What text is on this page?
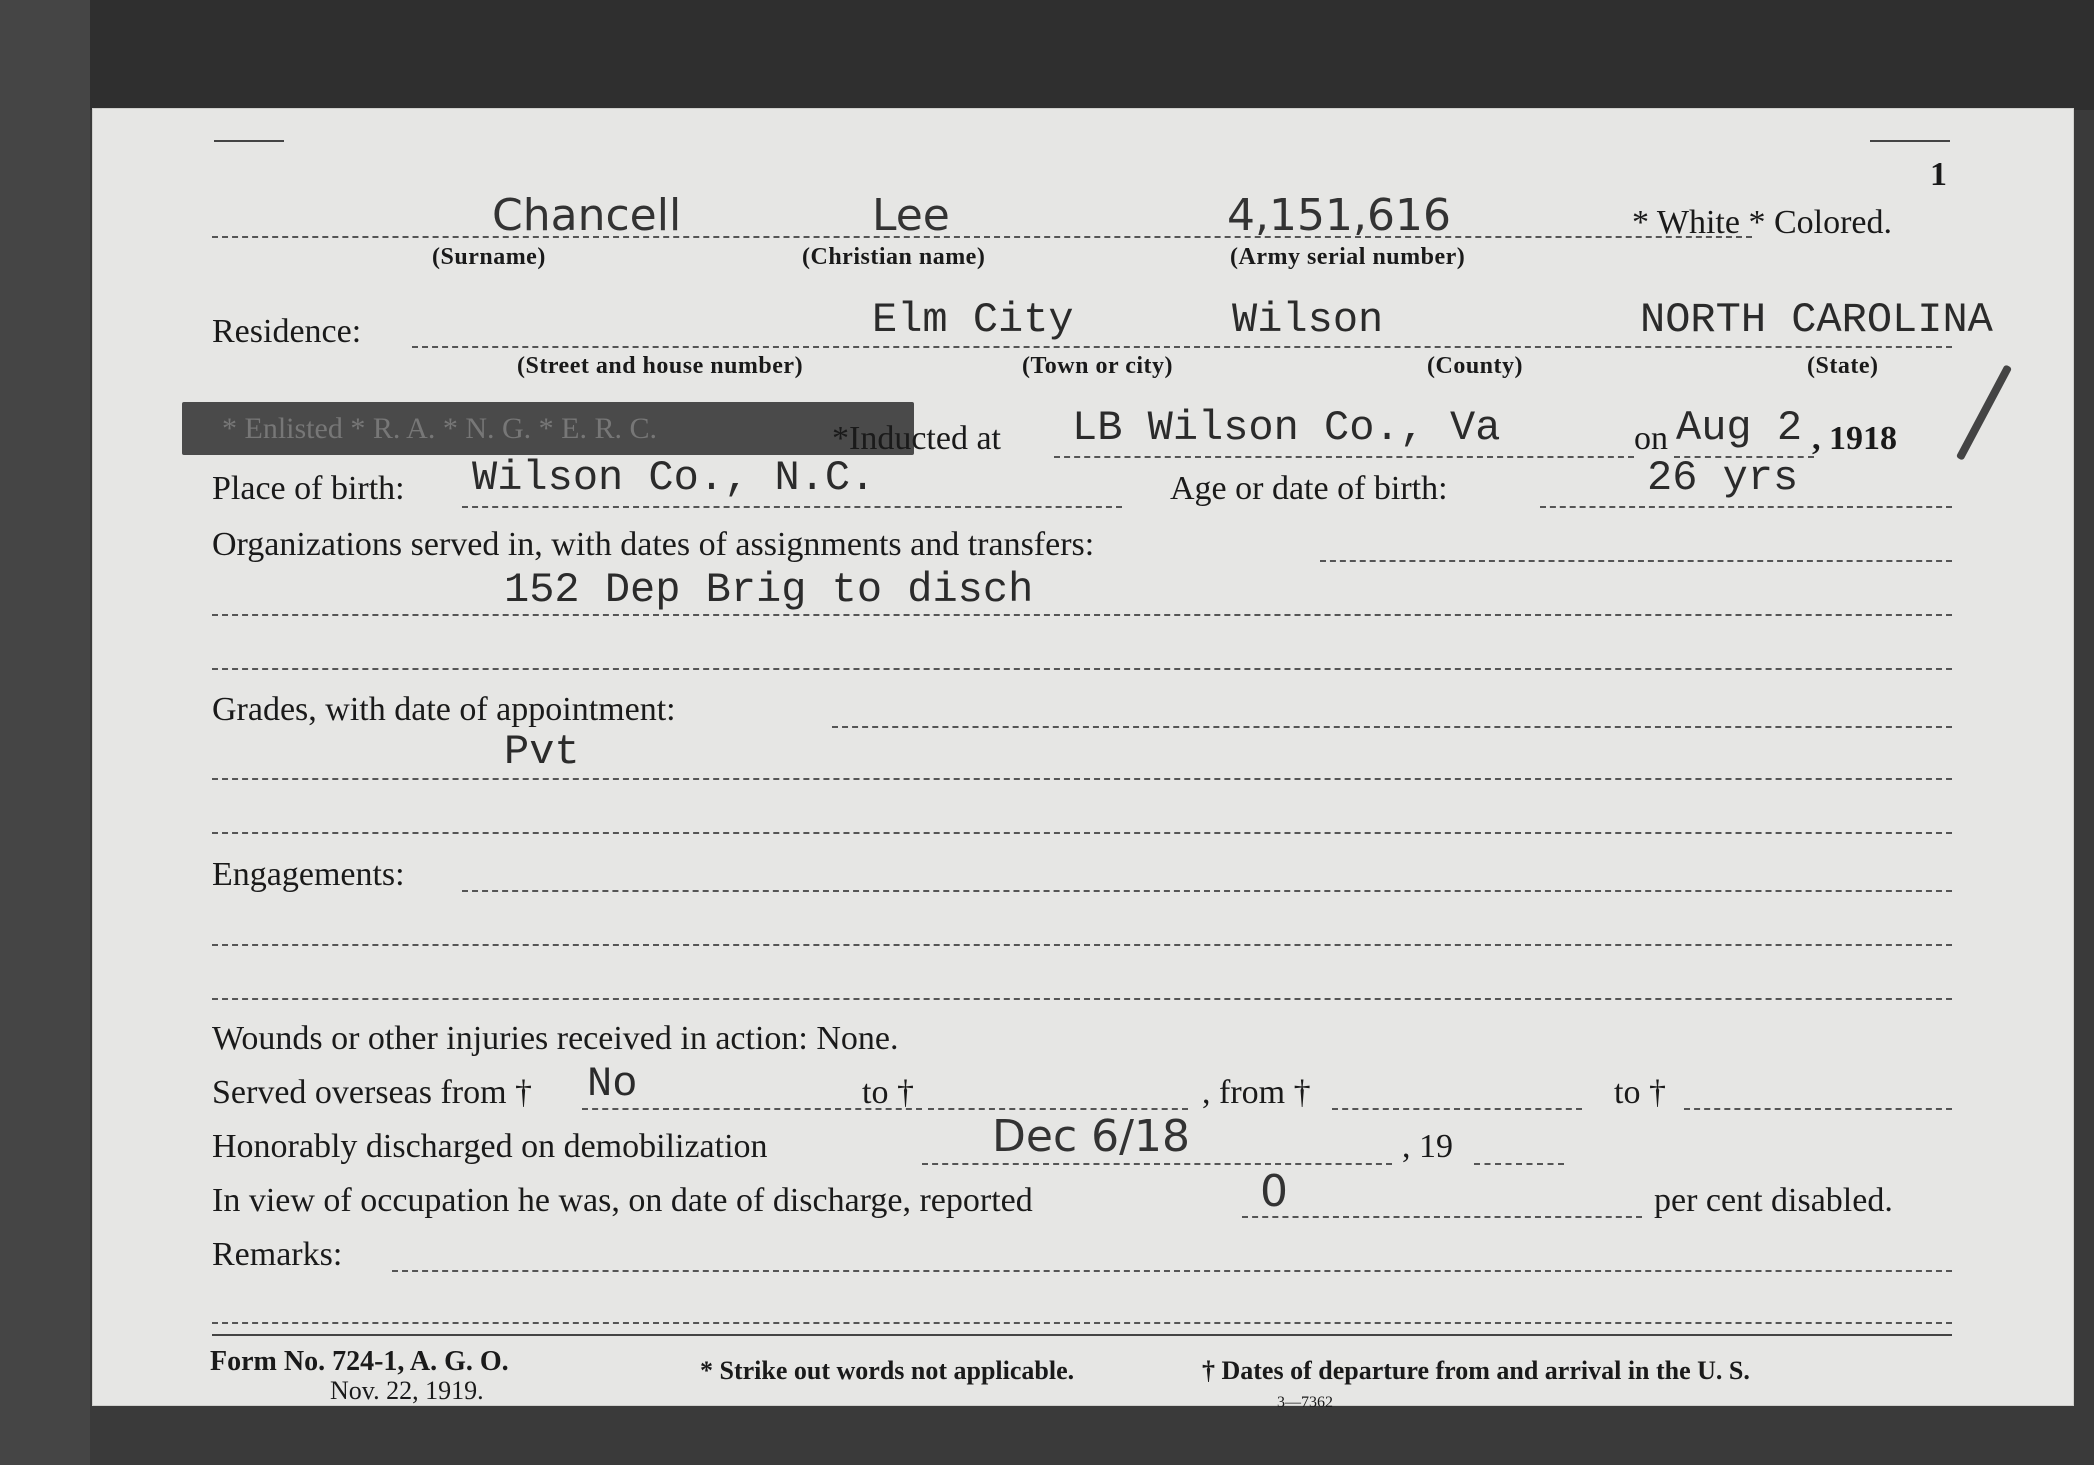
1
Chancell	Lee	4,151,616	* White * Colored.
(Surname)	(Christian name)	(Army serial number)
Residence:	Elm City	Wilson	NORTH CAROLINA
(Street and house number)	(Town or city)	(County)	(State)
* Enlisted * R. A. * N. G. * E. R. C.	*Inducted at LB Wilson Co., Va	on Aug 2 , 1918
Place of birth: Wilson Co., N.C.	Age or date of birth:	26 yrs
Organizations served in, with dates of assignments and transfers:
152 Dep Brig to disch
Grades, with date of appointment:
Pvt
Engagements:
Wounds or other injuries received in action: None.
Served overseas from † No	to †	, from †	to †
Honorably discharged on demobilization	Dec 6/18	, 19
In view of occupation he was, on date of discharge, reported	0	per cent disabled.
Remarks:
Form No. 724-1, A. G. O.
Nov. 22, 1919.
* Strike out words not applicable.	† Dates of departure from and arrival in the U. S.
3—7362
